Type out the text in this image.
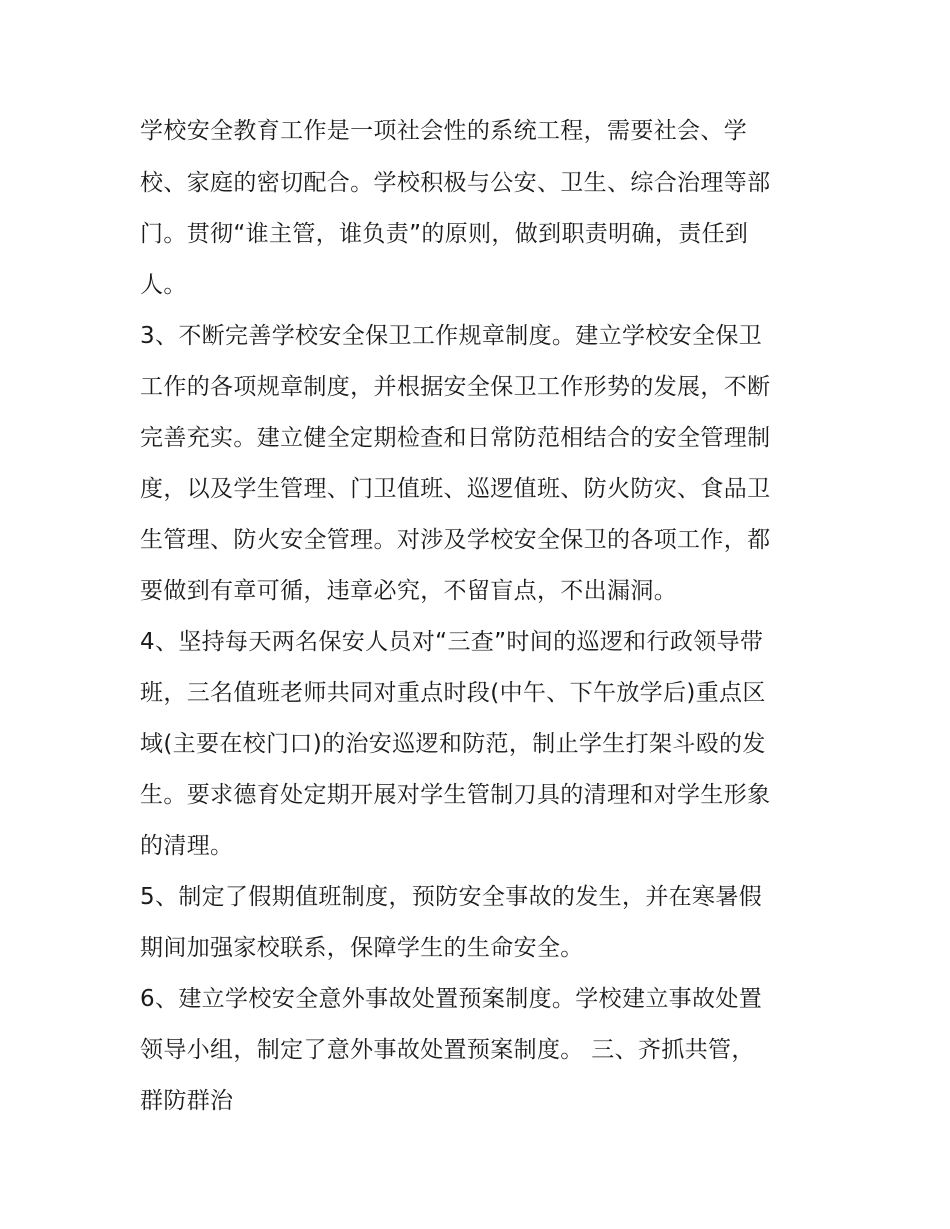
学校安全教育工作是一项社会性的系统工程，需要社会、学
校、家庭的密切配合。学校积极与公安、卫生、综合治理等部
门。贯彻“谁主管，谁负责”的原则，做到职责明确，责任到
人。
3、不断完善学校安全保卫工作规章制度。建立学校安全保卫
工作的各项规章制度，并根据安全保卫工作形势的发展，不断
完善充实。建立健全定期检查和日常防范相结合的安全管理制
度，以及学生管理、门卫值班、巡逻值班、防火防灾、食品卫
生管理、防火安全管理。对涉及学校安全保卫的各项工作，都
要做到有章可循，违章必究，不留盲点，不出漏洞。
4、坚持每天两名保安人员对“三查”时间的巡逻和行政领导带
班，三名值班老师共同对重点时段(中午、下午放学后)重点区
域(主要在校门口)的治安巡逻和防范，制止学生打架斗殴的发
生。要求德育处定期开展对学生管制刀具的清理和对学生形象
的清理。
5、制定了假期值班制度，预防安全事故的发生，并在寒暑假
期间加强家校联系，保障学生的生命安全。
6、建立学校安全意外事故处置预案制度。学校建立事故处置
领导小组，制定了意外事故处置预案制度。 三、齐抓共管，
群防群治
